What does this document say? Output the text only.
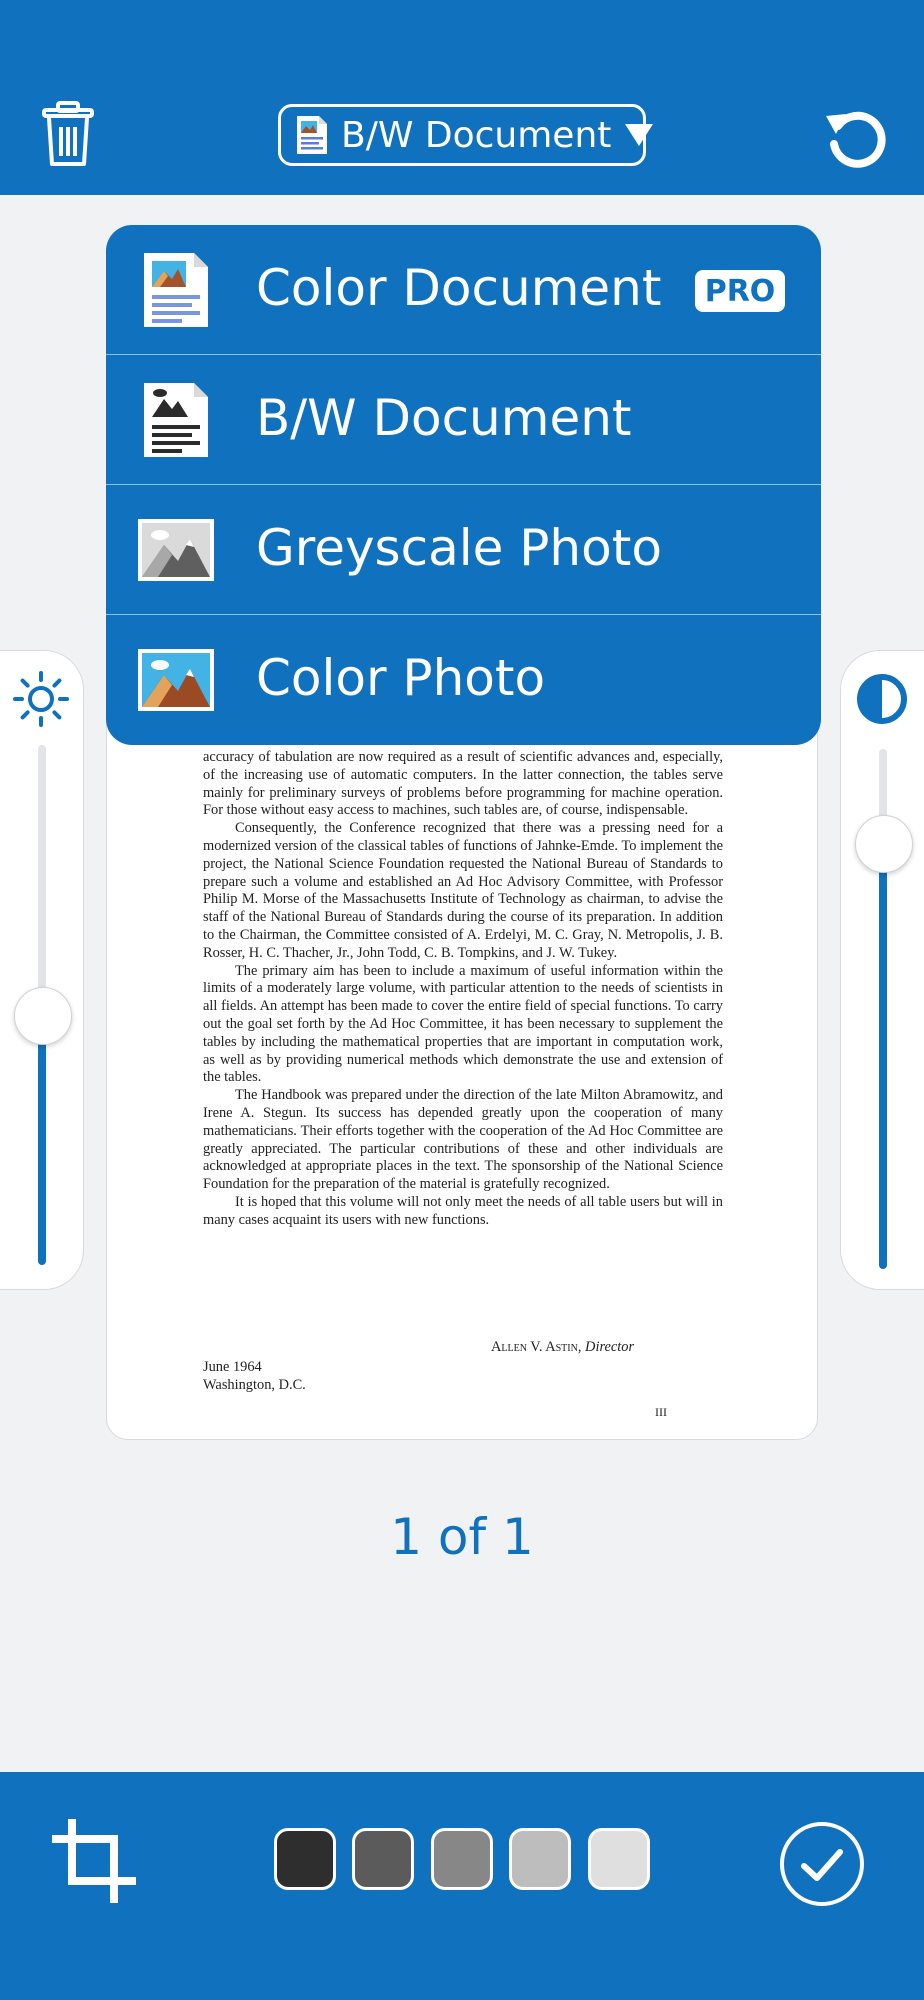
B/W Document

accuracy of tabulation are now required as a result of scientific advances and, especially, of the increasing use of automatic computers. In the latter connection, the tables serve mainly for preliminary surveys of problems before programming for machine operation. For those without easy access to machines, such tables are, of course, indispensable.

Consequently, the Conference recognized that there was a pressing need for a modernized version of the classical tables of functions of Jahnke-Emde. To implement the project, the National Science Foundation requested the National Bureau of Standards to prepare such a volume and established an Ad Hoc Advisory Committee, with Professor Philip M. Morse of the Massachusetts Institute of Technology as chairman, to advise the staff of the National Bureau of Standards during the course of its preparation. In addition to the Chairman, the Committee consisted of A. Erdelyi, M. C. Gray, N. Metropolis, J. B. Rosser, H. C. Thacher, Jr., John Todd, C. B. Tompkins, and J. W. Tukey.

The primary aim has been to include a maximum of useful information within the limits of a moderately large volume, with particular attention to the needs of scientists in all fields. An attempt has been made to cover the entire field of special functions. To carry out the goal set forth by the Ad Hoc Committee, it has been necessary to supplement the tables by including the mathematical properties that are important in computation work, as well as by providing numerical methods which demonstrate the use and extension of the tables.

The Handbook was prepared under the direction of the late Milton Abramowitz, and Irene A. Stegun. Its success has depended greatly upon the cooperation of many mathematicians. Their efforts together with the cooperation of the Ad Hoc Committee are greatly appreciated. The particular contributions of these and other individuals are acknowledged at appropriate places in the text. The sponsorship of the National Science Foundation for the preparation of the material is gratefully recognized.

It is hoped that this volume will not only meet the needs of all table users but will in many cases acquaint its users with new functions.

Allen V. Astin, Director
June 1964
Washington, D.C.
III
Color Document	PRO
B/W Document
Greyscale Photo
Color Photo
1 of 1
